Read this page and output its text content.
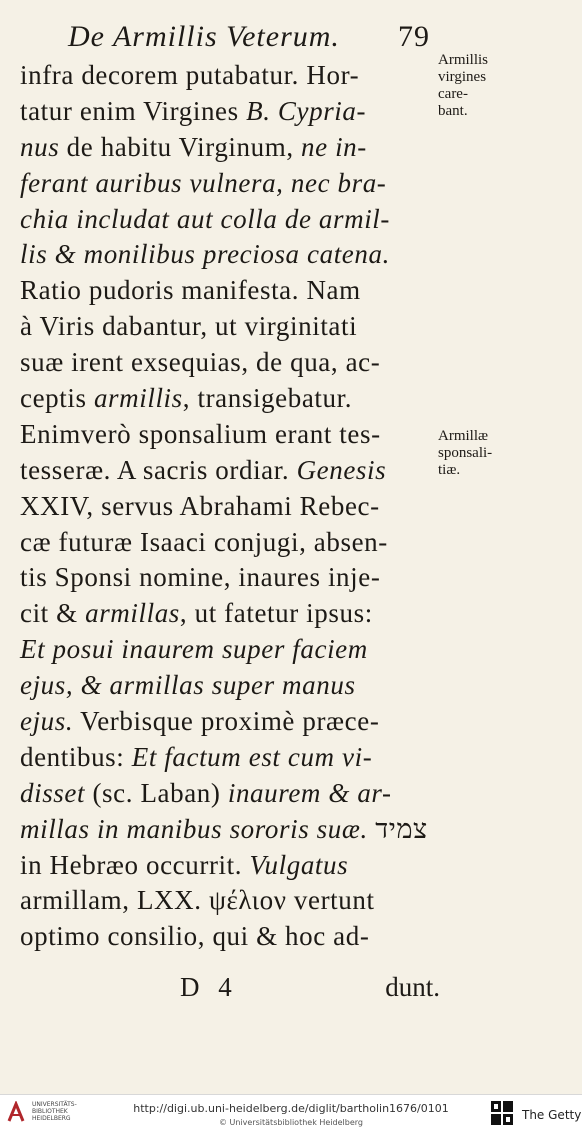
De Armillis Veterum. 79
infra decorem putabatur. Hor-
tatur enim Virgines B. Cypria-
nus de habitu Virginum, ne in-
ferant auribus vulnera, nec bra-
chia includat aut colla de armil-
lis & monilibus preciosa catena.
Ratio pudoris manifesta. Nam
à Viris dabantur, ut virginitati
suæ irent exsequias, de qua, ac-
ceptis armillis, transigebatur.
Enimverò sponsalium erant tes-
tesseræ. A sacris ordiar. Genesis
XXIV, servus Abrahami Rebec-
cæ futuræ Isaaci conjugi, absen-
tis Sponsi nomine, inaures inje-
cit & armillas, ut fatetur ipsus:
Et posui inaurem super faciem
ejus, & armillas super manus
ejus. Verbisque proximè præce-
dentibus: Et factum est cum vi-
disset (sc. Laban) inaurem & ar-
millas in manibus sororis suæ. צמיד
in Hebræo occurrit. Vulgatus
armillam, LXX. ψέλιον vertunt
optimo consilio, qui & hoc ad-
Armillis
virgines
care-
bant.
Armillæ
sponsali-
tiæ.
D 4	dunt.
UNIVERSITÄTS-BIBLIOTHEK HEIDELBERG
http://digi.ub.uni-heidelberg.de/diglit/bartholin1676/0101
© Universitätsbibliothek Heidelberg
The Getty
